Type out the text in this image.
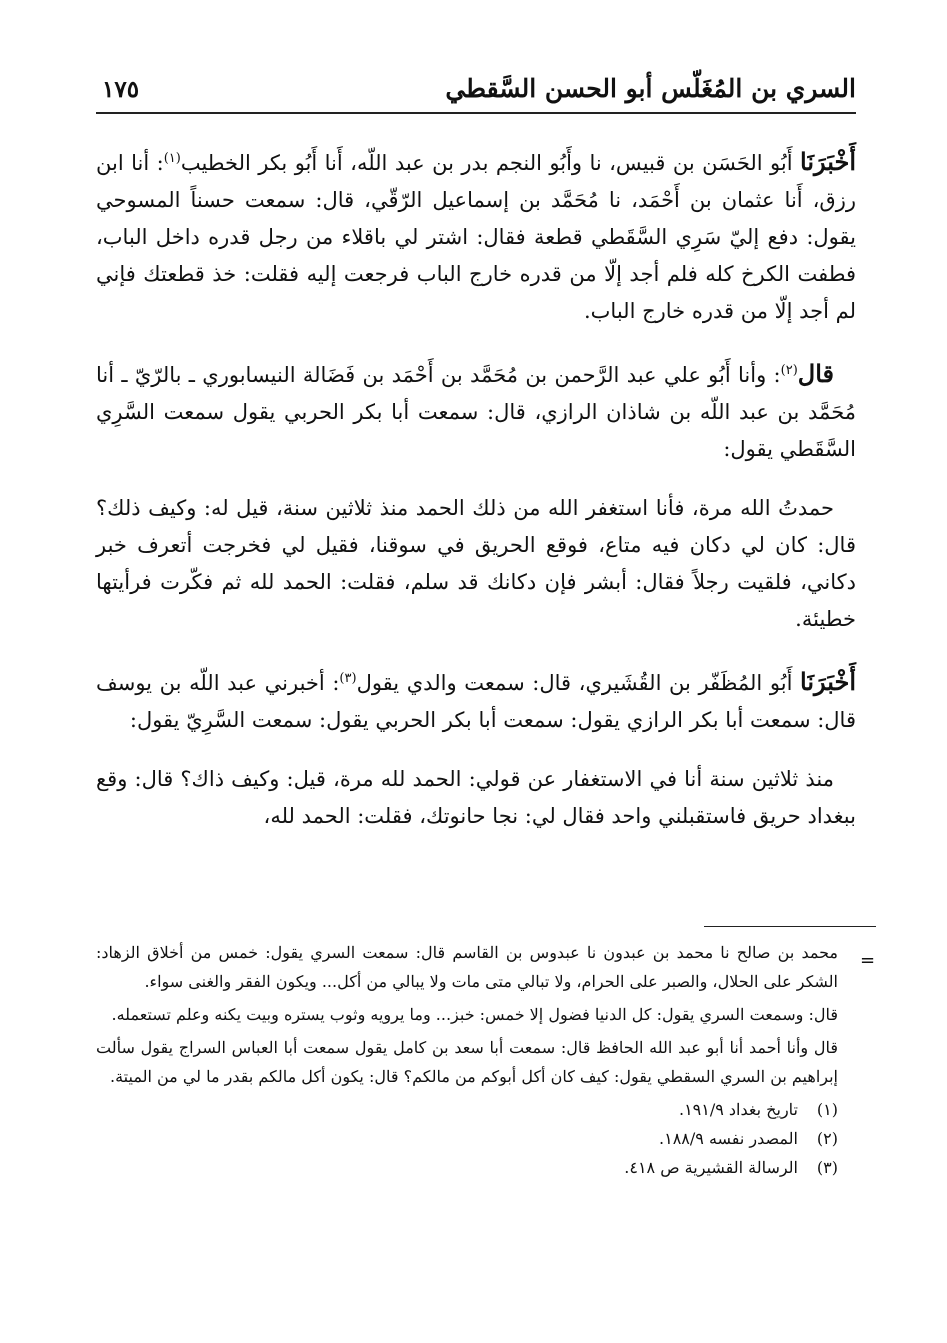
السري بن المُغَلّس أبو الحسن السَّقطي
١٧٥

أَخْبَرَنَا أَبُو الحَسَن بن قبيس، نا وأَبُو النجم بدر بن عبد اللّه، أَنا أَبُو بكر الخطيب$^{(١)}$: أنا ابن رزق، أَنا عثمان بن أَحْمَد، نا مُحَمَّد بن إسماعيل الرّقّي، قال: سمعت حسناً المسوحي يقول: دفع إليّ سَرِي السَّقَطي قطعة فقال: اشتر لي باقلاء من رجل قدره داخل الباب، فطفت الكرخ كله فلم أجد إلّا من قدره خارج الباب فرجعت إليه فقلت: خذ قطعتك فإني لم أجد إلّا من قدره خارج الباب.

قال$^{(٢)}$: وأنا أَبُو علي عبد الرَّحمن بن مُحَمَّد بن أَحْمَد بن فَضَالة النيسابوري ـ بالرّيّ ـ أنا مُحَمَّد بن عبد اللّه بن شاذان الرازي، قال: سمعت أبا بكر الحربي يقول سمعت السَّرِي السَّقَطي يقول:

حمدتُ الله مرة، فأنا استغفر الله من ذلك الحمد منذ ثلاثين سنة، قيل له: وكيف ذلك؟ قال: كان لي دكان فيه متاع، فوقع الحريق في سوقنا، فقيل لي فخرجت أتعرف خبر دكاني، فلقيت رجلاً فقال: أبشر فإن دكانك قد سلم، فقلت: الحمد لله ثم فكّرت فرأيتها خطيئة.

أَخْبَرَنَا أَبُو المُظَفّر بن القُشَيري، قال: سمعت والدي يقول$^{(٣)}$: أخبرني عبد اللّه بن يوسف قال: سمعت أبا بكر الرازي يقول: سمعت أبا بكر الحربي يقول: سمعت السَّرِيّ يقول:

منذ ثلاثين سنة أنا في الاستغفار عن قولي: الحمد لله مرة، قيل: وكيف ذاك؟ قال: وقع ببغداد حريق فاستقبلني واحد فقال لي: نجا حانوتك، فقلت: الحمد لله،

=

محمد بن صالح نا محمد بن عبدون نا عبدوس بن القاسم قال: سمعت السري يقول: خمس من أخلاق الزهاد: الشكر على الحلال، والصبر على الحرام، ولا تبالي متى مات ولا يبالي من أكل... ويكون الفقر والغنى سواء.

قال: وسمعت السري يقول: كل الدنيا فضول إلا خمس: خبز... وما يرويه وثوب يستره وبيت يكنه وعلم تستعمله.

قال وأنا أحمد أنا أبو عبد الله الحافظ قال: سمعت أبا سعد بن كامل يقول سمعت أبا العباس السراج يقول سألت إبراهيم بن السري السقطي يقول: كيف كان أكل أبوكم من مالكم؟ قال: يكون أكل مالكم بقدر ما لي من الميتة.

(١)تاريخ بغداد ١٩١/٩.

(٢)المصدر نفسه ١٨٨/٩.

(٣)الرسالة القشيرية ص ٤١٨.
